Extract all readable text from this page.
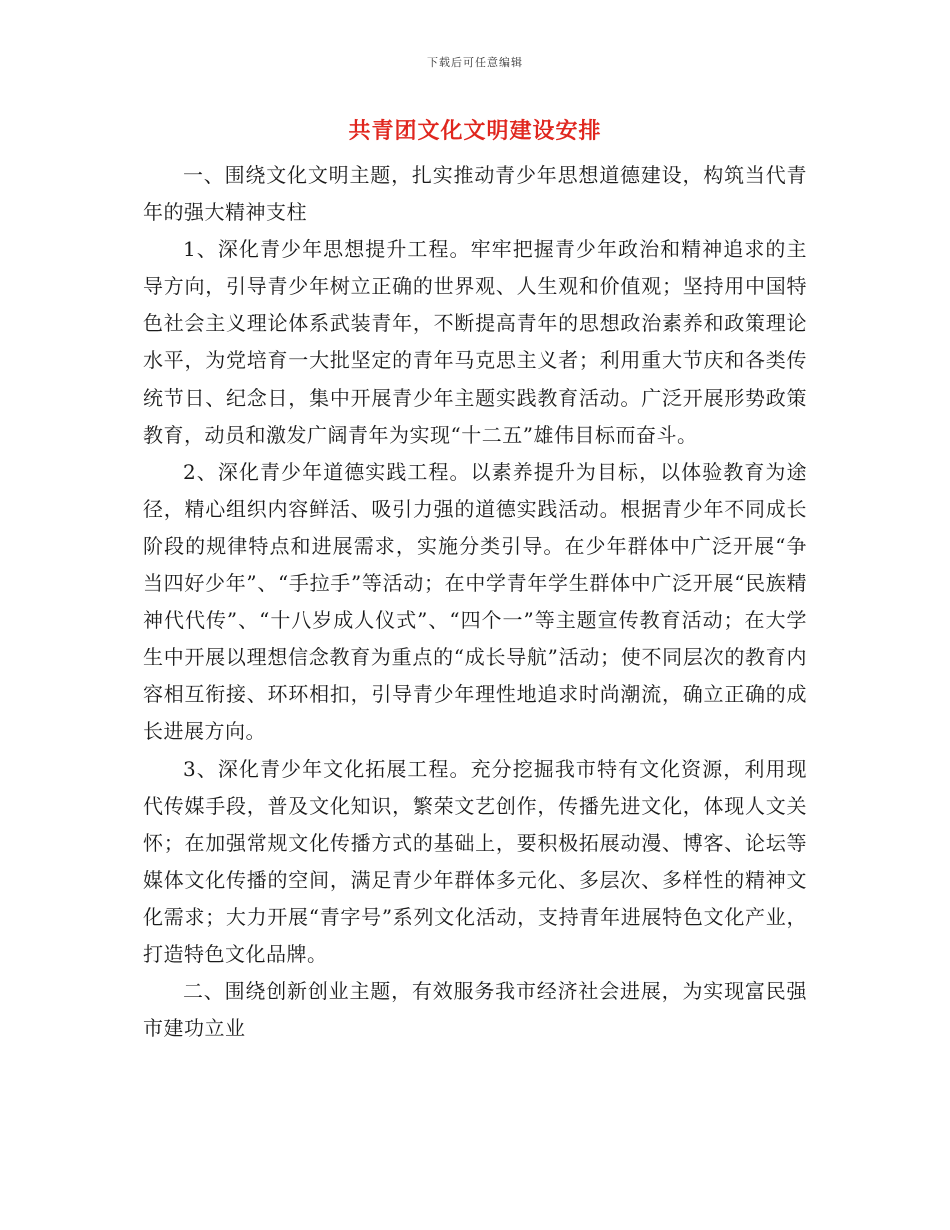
下载后可任意编辑
共青团文化文明建设安排

一、围绕文化文明主题，扎实推动青少年思想道德建设，构筑当代青年的强大精神支柱

1、深化青少年思想提升工程。牢牢把握青少年政治和精神追求的主导方向，引导青少年树立正确的世界观、人生观和价值观；坚持用中国特色社会主义理论体系武装青年，不断提高青年的思想政治素养和政策理论水平，为党培育一大批坚定的青年马克思主义者；利用重大节庆和各类传统节日、纪念日，集中开展青少年主题实践教育活动。广泛开展形势政策教育，动员和激发广阔青年为实现“十二五”雄伟目标而奋斗。

2、深化青少年道德实践工程。以素养提升为目标，以体验教育为途径，精心组织内容鲜活、吸引力强的道德实践活动。根据青少年不同成长阶段的规律特点和进展需求，实施分类引导。在少年群体中广泛开展“争当四好少年”、“手拉手”等活动；在中学青年学生群体中广泛开展“民族精神代代传”、“十八岁成人仪式”、“四个一”等主题宣传教育活动；在大学生中开展以理想信念教育为重点的“成长导航”活动；使不同层次的教育内容相互衔接、环环相扣，引导青少年理性地追求时尚潮流，确立正确的成长进展方向。

3、深化青少年文化拓展工程。充分挖掘我市特有文化资源，利用现代传媒手段，普及文化知识，繁荣文艺创作，传播先进文化，体现人文关怀；在加强常规文化传播方式的基础上，要积极拓展动漫、博客、论坛等媒体文化传播的空间，满足青少年群体多元化、多层次、多样性的精神文化需求；大力开展“青字号”系列文化活动，支持青年进展特色文化产业，打造特色文化品牌。

二、围绕创新创业主题，有效服务我市经济社会进展，为实现富民强市建功立业
